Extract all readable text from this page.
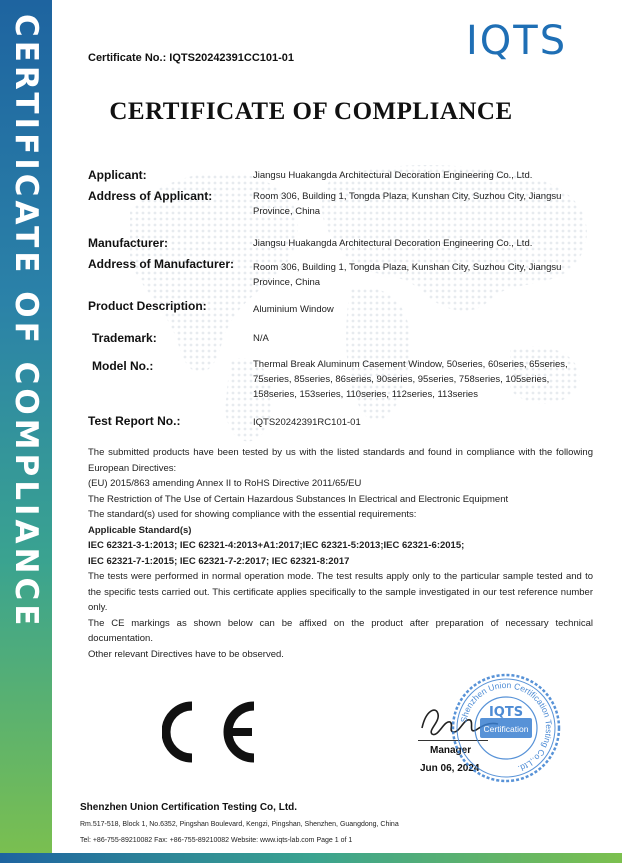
CERTIFICATE OF COMPLIANCE	IQTS
Certificate No.: IQTS20242391CC101-01
CERTIFICATE OF COMPLIANCE
Applicant:	Jiangsu Huakangda Architectural Decoration Engineering Co., Ltd.
Address of Applicant:	Room 306, Building 1, Tongda Plaza, Kunshan City, Suzhou City, Jiangsu Province, China
Manufacturer:	Jiangsu Huakangda Architectural Decoration Engineering Co., Ltd.
Address of Manufacturer: Room 306, Building 1, Tongda Plaza, Kunshan City, Suzhou City, Jiangsu Province, China
Product Description:	Aluminium Window
Trademark:	N/A
Model No.:	Thermal Break Aluminum Casement Window, 50series, 60series, 65series, 75series, 85series, 86series, 90series, 95series, 758series, 105series, 158series, 153series, 110series, 112series, 113series
Test Report No.:	IQTS20242391RC101-01

The submitted products have been tested by us with the listed standards and found in compliance with the following European Directives:

(EU) 2015/863 amending Annex II to RoHS Directive 2011/65/EU

The Restriction of The Use of Certain Hazardous Substances In Electrical and Electronic Equipment

The standard(s) used for showing compliance with the essential requirements:

Applicable Standard(s)

IEC 62321-3-1:2013; IEC 62321-4:2013+A1:2017;IEC 62321-5:2013;IEC 62321-6:2015;

IEC 62321-7-1:2015; IEC 62321-7-2:2017; IEC 62321-8:2017

The tests were performed in normal operation mode. The test results apply only to the particular sample tested and to the specific tests carried out. This certificate applies specifically to the sample investigated in our test reference number only.

The CE markings as shown below can be affixed on the product after preparation of necessary technical documentation.

Other relevant Directives have to be observed.

Manager
Jun 06, 2024
Shenzhen Union Certification Testing Co.,Ltd.
IQTS
Certification
Shenzhen Union Certification Testing Co, Ltd.
Rm.517-518, Block 1, No.6352, Pingshan Boulevard, Kengzi, Pingshan, Shenzhen, Guangdong, China
Tel: +86-755-89210082 Fax: +86-755-89210082 Website: www.iqts-lab.com Page 1 of 1
